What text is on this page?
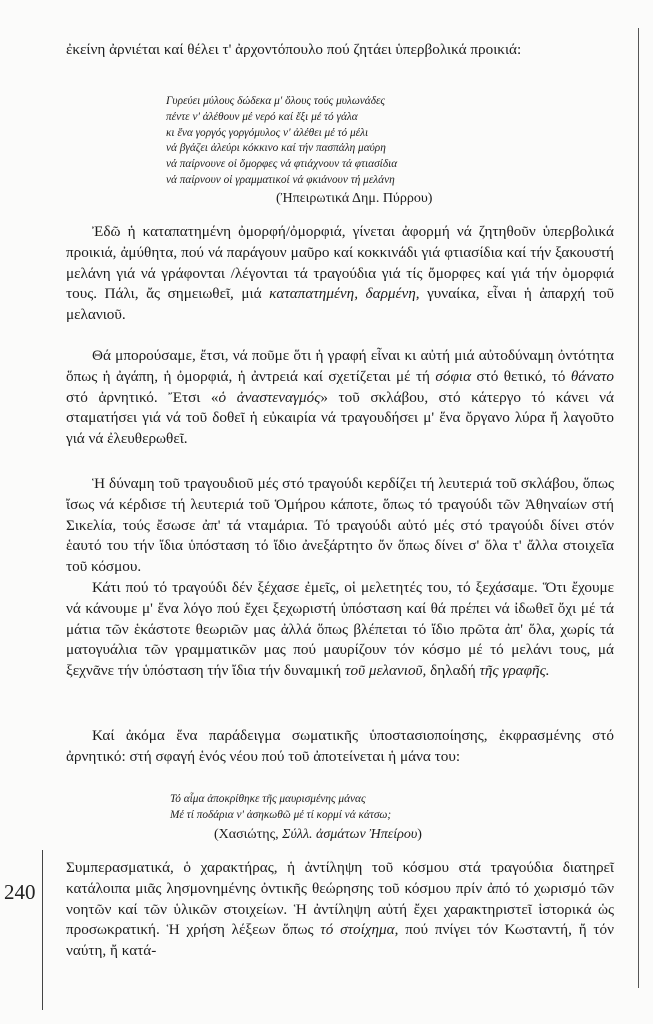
240

ἐκείνη ἀρνιέται καί θέλει τ' ἀρχοντόπουλο πού ζητάει ὑπερβολικά προικιά:

Γυρεύει μύλους δώδεκα μ' ὅλους τούς μυλωνάδες
πέντε ν' ἀλέθουν μέ νερό καί ἕξι μέ τό γάλα
κι ἕνα γοργός γοργόμυλος ν' ἀλέθει μέ τό μέλι
νά βγάζει ἀλεύρι κόκκινο καί τήν πασπάλη μαύρη
νά παίρνουνε οἱ ὄμορφες νά φτιάχνουν τά φτιασίδια
νά παίρνουν οἱ γραμματικοί νά φκιάνουν τή μελάνη
(Ἠπειρωτικά Δημ. Πύρρου)

Ἐδῶ ἡ καταπατημένη ὀμορφή/ὀμορφιά, γίνεται ἀφορμή νά ζητηθοῦν ὑπερβολικά προικιά, ἀμύθητα, πού νά παράγουν μαῦρο καί κοκκινάδι γιά φτιασίδια καί τήν ξακουστή μελάνη γιά νά γράφονται /λέγονται τά τραγούδια γιά τίς ὄμορφες καί γιά τήν ὀμορφιά τους. Πάλι, ἄς σημειωθεῖ, μιά καταπατημένη, δαρμένη, γυναίκα, εἶναι ἡ ἀπαρχή τοῦ μελανιοῦ.

Θά μπορούσαμε, ἔτσι, νά ποῦμε ὅτι ἡ γραφή εἶναι κι αὐτή μιά αὐτοδύναμη ὀντότητα ὅπως ἡ ἀγάπη, ἡ ὀμορφιά, ἡ ἀντρειά καί σχετίζεται μέ τή σόφια στό θετικό, τό θάνατο στό ἀρνητικό. Ἔτσι «ὁ ἀναστεναγμός» τοῦ σκλάβου, στό κάτεργο τό κάνει νά σταματήσει γιά νά τοῦ δοθεῖ ἡ εὐκαιρία νά τραγουδήσει μ' ἕνα ὄργανο λύρα ἤ λαγοῦτο γιά νά ἐλευθερωθεῖ.

Ἡ δύναμη τοῦ τραγουδιοῦ μές στό τραγούδι κερδίζει τή λευτεριά τοῦ σκλάβου, ὅπως ἴσως νά κέρδισε τή λευτεριά τοῦ Ὁμήρου κάποτε, ὅπως τό τραγούδι τῶν Ἀθηναίων στή Σικελία, τούς ἔσωσε ἀπ' τά νταμάρια. Τό τραγούδι αὐτό μές στό τραγούδι δίνει στόν ἑαυτό του τήν ἴδια ὑπόσταση τό ἴδιο ἀνεξάρτητο ὄν ὅπως δίνει σ' ὅλα τ' ἄλλα στοιχεῖα τοῦ κόσμου.

Κάτι πού τό τραγούδι δέν ξέχασε ἐμεῖς, οἱ μελετητές του, τό ξεχάσαμε. Ὅτι ἔχουμε νά κάνουμε μ' ἕνα λόγο πού ἔχει ξεχωριστή ὑπόσταση καί θά πρέπει νά ἰδωθεῖ ὄχι μέ τά μάτια τῶν ἑκάστοτε θεωριῶν μας ἀλλά ὅπως βλέπεται τό ἴδιο πρῶτα ἀπ' ὅλα, χωρίς τά ματογυάλια τῶν γραμματικῶν μας πού μαυρίζουν τόν κόσμο μέ τό μελάνι τους, μά ξεχνᾶνε τήν ὑπόσταση τήν ἴδια τήν δυναμική τοῦ μελανιοῦ, δηλαδή τῆς γραφῆς.

Καί ἀκόμα ἕνα παράδειγμα σωματικῆς ὑποστασιοποίησης, ἐκφρασμένης στό ἀρνητικό: στή σφαγή ἑνός νέου πού τοῦ ἀποτείνεται ἡ μάνα του:

Τό αἷμα ἀποκρίθηκε τῆς μαυρισμένης μάνας
Μέ τί ποδάρια ν' ἀσηκωθῶ μέ τί κορμί νά κάτσω;
(Χασιώτης, Σύλλ. ἀσμάτων Ἠπείρου)

Συμπερασματικά, ὁ χαρακτήρας, ἡ ἀντίληψη τοῦ κόσμου στά τραγούδια διατηρεῖ κατάλοιπα μιᾶς λησμονημένης ὀντικῆς θεώρησης τοῦ κόσμου πρίν ἀπό τό χωρισμό τῶν νοητῶν καί τῶν ὑλικῶν στοιχείων. Ἡ ἀντίληψη αὐτή ἔχει χαρακτηριστεῖ ἱστορικά ὡς προσωκρατική. Ἡ χρήση λέξεων ὅπως τό στοίχημα, πού πνίγει τόν Κωσταντή, ἤ τόν ναύτη, ἤ κατά-
